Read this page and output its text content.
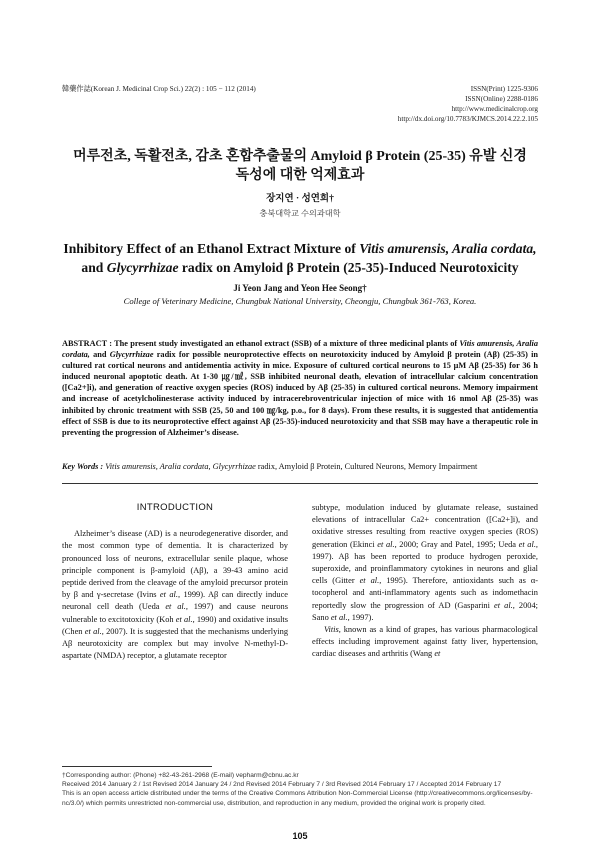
韓藥作誌(Korean J. Medicinal Crop Sci.) 22(2) : 105 − 112 (2014)	ISSN(Print) 1225-9306
ISSN(Online) 2288-0186
http://www.medicinalcrop.org
http://dx.doi.org/10.7783/KJMCS.2014.22.2.105
머루전초, 독활전초, 감초 혼합추출물의 Amyloid β Protein (25-35) 유발 신경
독성에 대한 억제효과
장지연 · 성연희†
충북대학교 수의과대학
Inhibitory Effect of an Ethanol Extract Mixture of Vitis amurensis, Aralia cordata,
and Glycyrrhizae radix on Amyloid β Protein (25-35)-Induced Neurotoxicity
Ji Yeon Jang and Yeon Hee Seong†
College of Veterinary Medicine, Chungbuk National University, Cheongju, Chungbuk 361-763, Korea.
ABSTRACT : The present study investigated an ethanol extract (SSB) of a mixture of three medicinal plants of Vitis amurensis, Aralia cordata, and Glycyrrhizae radix for possible neuroprotective effects on neurotoxicity induced by Amyloid β protein (Aβ) (25-35) in cultured rat cortical neurons and antidementia activity in mice. Exposure of cultured cortical neurons to 15 μM Aβ (25-35) for 36 h induced neuronal apoptotic death. At 1-30 ㎍/㎖, SSB inhibited neuronal death, elevation of intracellular calcium concentration ([Ca2+]i), and generation of reactive oxygen species (ROS) induced by Aβ (25-35) in cultured cortical neurons. Memory impairment and increase of acetylcholinesterase activity induced by intracerebroventricular injection of mice with 16 nmol Aβ (25-35) was inhibited by chronic treatment with SSB (25, 50 and 100 ㎎/kg, p.o., for 8 days). From these results, it is suggested that antidementia effect of SSB is due to its neuroprotective effect against Aβ (25-35)-induced neurotoxicity and that SSB may have a therapeutic role in preventing the progression of Alzheimer’s disease.
Key Words : Vitis amurensis, Aralia cordata, Glycyrrhizae radix, Amyloid β Protein, Cultured Neurons, Memory Impairment
INTRODUCTION

Alzheimer’s disease (AD) is a neurodegenerative disorder, and the most common type of dementia. It is characterized by pronounced loss of neurons, extracellular senile plaque, whose principle component is β-amyloid (Aβ), a 39-43 amino acid peptide derived from the cleavage of the amyloid precursor protein by β and γ-secretase (Ivins et al., 1999). Aβ can directly induce neuronal cell death (Ueda et al., 1997) and cause neurons vulnerable to excitotoxicity (Koh et al., 1990) and oxidative insults (Chen et al., 2007). It is suggested that the mechanisms underlying Aβ neurotoxicity are complex but may involve N-methyl-D-aspartate (NMDA) receptor, a glutamate receptor

subtype, modulation induced by glutamate release, sustained elevations of intracellular Ca2+ concentration ([Ca2+]i), and oxidative stresses resulting from reactive oxygen species (ROS) generation (Ekinci et al., 2000; Gray and Patel, 1995; Ueda et al., 1997). Aβ has been reported to produce hydrogen peroxide, superoxide, and proinflammatory cytokines in neurons and glial cells (Gitter et al., 1995). Therefore, antioxidants such as α-tocopherol and anti-inflammatory agents such as indomethacin reportedly slow the progression of AD (Gasparini et al., 2004; Sano et al., 1997).

Vitis, known as a kind of grapes, has various pharmacological effects including improvement against fatty liver, hypertension, cardiac diseases and arthritis (Wang et

†Corresponding author: (Phone) +82-43-261-2968 (E-mail) vepharm@cbnu.ac.kr
Received 2014 January 2 / 1st Revised 2014 January 24 / 2nd Revised 2014 February 7 / 3rd Revised 2014 February 17 / Accepted 2014 February 17
This is an open access article distributed under the terms of the Creative Commons Attribution Non-Commercial License (http://creativecommons.org/licenses/by-nc/3.0/) which permits unrestricted non-commercial use, distribution, and reproduction in any medium, provided the original work is properly cited.
105
